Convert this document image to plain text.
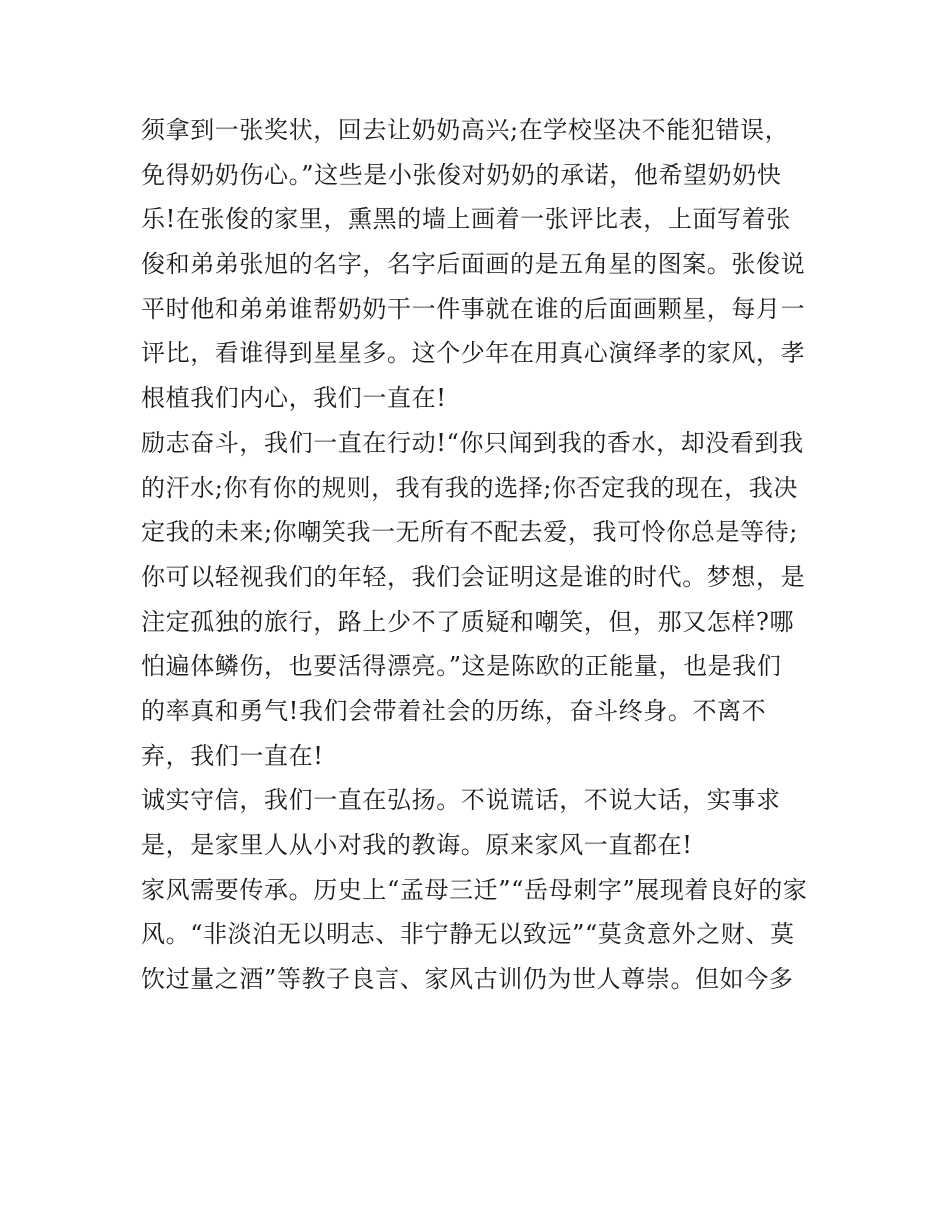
须拿到一张奖状，回去让奶奶高兴;在学校坚决不能犯错误，
免得奶奶伤心。”这些是小张俊对奶奶的承诺，他希望奶奶快
乐!在张俊的家里，熏黑的墙上画着一张评比表，上面写着张
俊和弟弟张旭的名字，名字后面画的是五角星的图案。张俊说
平时他和弟弟谁帮奶奶干一件事就在谁的后面画颗星，每月一
评比，看谁得到星星多。这个少年在用真心演绎孝的家风，孝
根植我们内心，我们一直在!
励志奋斗，我们一直在行动!“你只闻到我的香水，却没看到我
的汗水;你有你的规则，我有我的选择;你否定我的现在，我决
定我的未来;你嘲笑我一无所有不配去爱，我可怜你总是等待;
你可以轻视我们的年轻，我们会证明这是谁的时代。梦想，是
注定孤独的旅行，路上少不了质疑和嘲笑，但，那又怎样?哪
怕遍体鳞伤，也要活得漂亮。”这是陈欧的正能量，也是我们
的率真和勇气!我们会带着社会的历练，奋斗终身。不离不
弃，我们一直在!
诚实守信，我们一直在弘扬。不说谎话，不说大话，实事求
是，是家里人从小对我的教诲。原来家风一直都在!
家风需要传承。历史上“孟母三迁”“岳母刺字”展现着良好的家
风。“非淡泊无以明志、非宁静无以致远”“莫贪意外之财、莫
饮过量之酒”等教子良言、家风古训仍为世人尊崇。但如今多
